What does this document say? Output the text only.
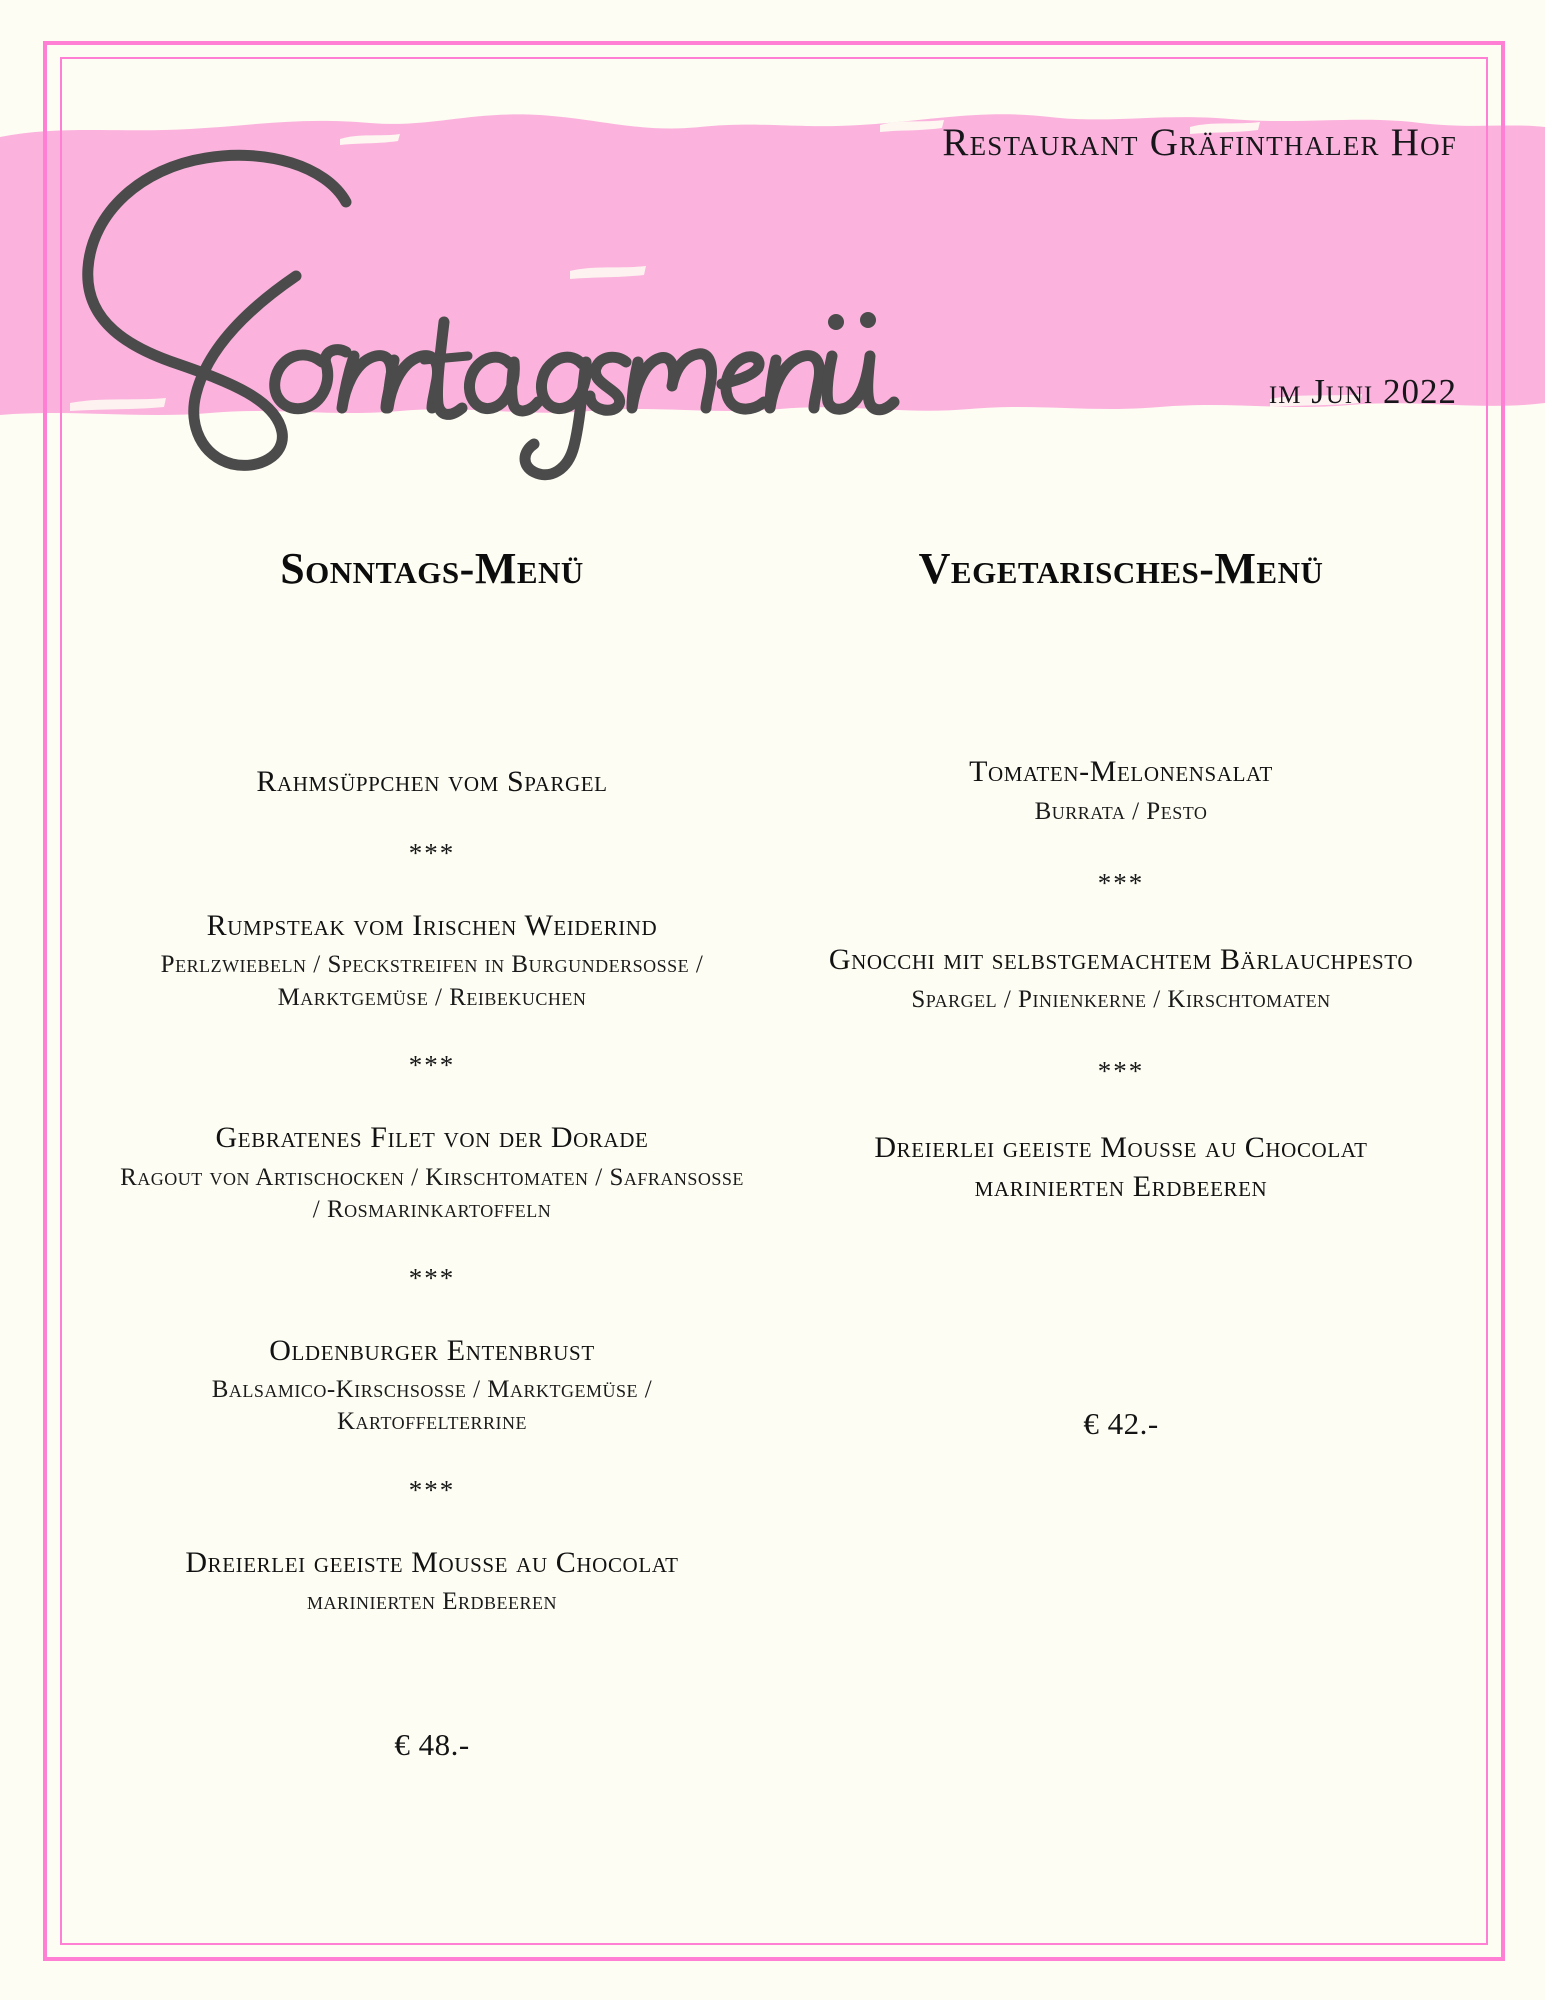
Restaurant Gräfinthaler Hof
im Juni 2022
Sonntags-Menü
Rahmsüppchen vom Spargel
***
Rumpsteak vom Irischen Weiderind
Perlzwiebeln / Speckstreifen in Burgundersosse / Marktgemüse / Reibekuchen
***
Gebratenes Filet von der Dorade
Ragout von Artischocken / Kirschtomaten / Safransosse / Rosmarinkartoffeln
***
Oldenburger Entenbrust
Balsamico-Kirschsosse / Marktgemüse / Kartoffelterrine
***
Dreierlei geeiste Mousse au Chocolat
marinierten Erdbeeren
€ 48.-
Vegetarisches-Menü
Tomaten-Melonensalat
Burrata / Pesto
***
Gnocchi mit selbstgemachtem Bärlauchpesto
Spargel / Pinienkerne / Kirschtomaten
***
Dreierlei geeiste Mousse au Chocolat marinierten Erdbeeren
€ 42.-
